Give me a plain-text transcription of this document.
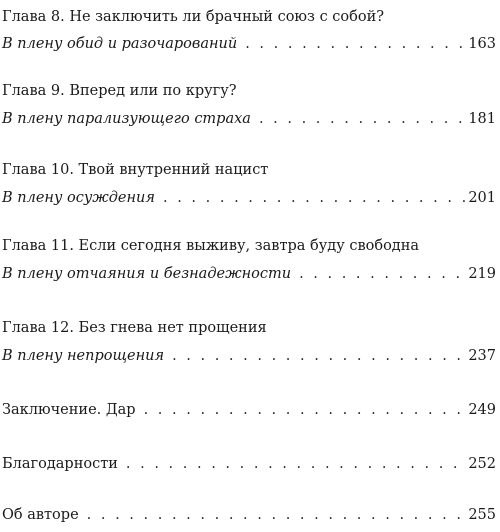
Глава 8. Не заключить ли брачный союз с собой?
В плену обид и разочарований . . .	163
Глава 9. Вперед или по кругу?
В плену парализующего страха . . .	181
Глава 10. Твой внутренний нацист
В плену осуждения . . .	201
Глава 11. Если сегодня выживу, завтра буду свободна
В плену отчаяния и безнадежности . . .	219
Глава 12. Без гнева нет прощения
В плену непрощения . . .	237
Заключение. Дар . . .	249
Благодарности . . .	252
Об авторе . . .	255
